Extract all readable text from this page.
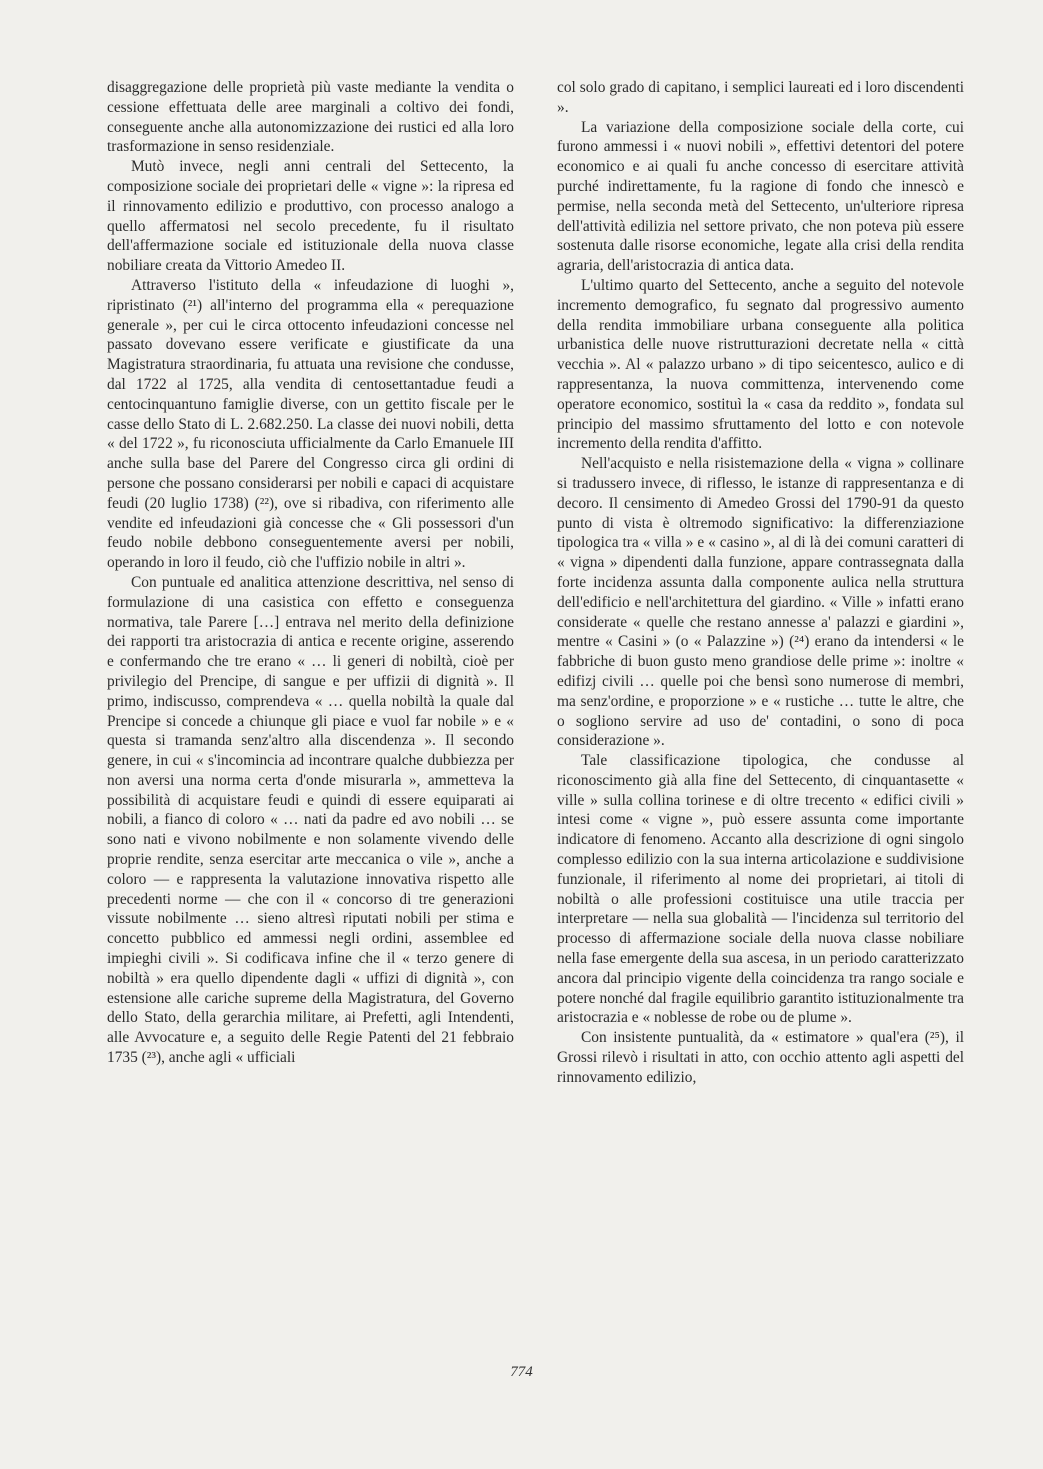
disaggregazione delle proprietà più vaste mediante la vendita o cessione effettuata delle aree marginali a coltivo dei fondi, conseguente anche alla autonomizzazione dei rustici ed alla loro trasformazione in senso residenziale.

Mutò invece, negli anni centrali del Settecento, la composizione sociale dei proprietari delle « vigne »: la ripresa ed il rinnovamento edilizio e produttivo, con processo analogo a quello affermatosi nel secolo precedente, fu il risultato dell'affermazione sociale ed istituzionale della nuova classe nobiliare creata da Vittorio Amedeo II.

Attraverso l'istituto della « infeudazione di luoghi », ripristinato (²¹) all'interno del programma ella « perequazione generale », per cui le circa ottocento infeudazioni concesse nel passato dovevano essere verificate e giustificate da una Magistratura straordinaria, fu attuata una revisione che condusse, dal 1722 al 1725, alla vendita di centosettantadue feudi a centocinquantuno famiglie diverse, con un gettito fiscale per le casse dello Stato di L. 2.682.250. La classe dei nuovi nobili, detta « del 1722 », fu riconosciuta ufficialmente da Carlo Emanuele III anche sulla base del Parere del Congresso circa gli ordini di persone che possano considerarsi per nobili e capaci di acquistare feudi (20 luglio 1738) (²²), ove si ribadiva, con riferimento alle vendite ed infeudazioni già concesse che « Gli possessori d'un feudo nobile debbono conseguentemente aversi per nobili, operando in loro il feudo, ciò che l'uffizio nobile in altri ».

Con puntuale ed analitica attenzione descrittiva, nel senso di formulazione di una casistica con effetto e conseguenza normativa, tale Parere […] entrava nel merito della definizione dei rapporti tra aristocrazia di antica e recente origine, asserendo e confermando che tre erano « … li generi di nobiltà, cioè per privilegio del Prencipe, di sangue e per uffizii di dignità ». Il primo, indiscusso, comprendeva « … quella nobiltà la quale dal Prencipe si concede a chiunque gli piace e vuol far nobile » e « questa si tramanda senz'altro alla discendenza ». Il secondo genere, in cui « s'incomincia ad incontrare qualche dubbiezza per non aversi una norma certa d'onde misurarla », ammetteva la possibilità di acquistare feudi e quindi di essere equiparati ai nobili, a fianco di coloro « … nati da padre ed avo nobili … se sono nati e vivono nobilmente e non solamente vivendo delle proprie rendite, senza esercitar arte meccanica o vile », anche a coloro — e rappresenta la valutazione innovativa rispetto alle precedenti norme — che con il « concorso di tre generazioni vissute nobilmente … sieno altresì riputati nobili per stima e concetto pubblico ed ammessi negli ordini, assemblee ed impieghi civili ». Si codificava infine che il « terzo genere di nobiltà » era quello dipendente dagli « uffizi di dignità », con estensione alle cariche supreme della Magistratura, del Governo dello Stato, della gerarchia militare, ai Prefetti, agli Intendenti, alle Avvocature e, a seguito delle Regie Patenti del 21 febbraio 1735 (²³), anche agli « ufficiali

col solo grado di capitano, i semplici laureati ed i loro discendenti ».

La variazione della composizione sociale della corte, cui furono ammessi i « nuovi nobili », effettivi detentori del potere economico e ai quali fu anche concesso di esercitare attività purché indirettamente, fu la ragione di fondo che innescò e permise, nella seconda metà del Settecento, un'ulteriore ripresa dell'attività edilizia nel settore privato, che non poteva più essere sostenuta dalle risorse economiche, legate alla crisi della rendita agraria, dell'aristocrazia di antica data.

L'ultimo quarto del Settecento, anche a seguito del notevole incremento demografico, fu segnato dal progressivo aumento della rendita immobiliare urbana conseguente alla politica urbanistica delle nuove ristrutturazioni decretate nella « città vecchia ». Al « palazzo urbano » di tipo seicentesco, aulico e di rappresentanza, la nuova committenza, intervenendo come operatore economico, sostituì la « casa da reddito », fondata sul principio del massimo sfruttamento del lotto e con notevole incremento della rendita d'affitto.

Nell'acquisto e nella risistemazione della « vigna » collinare si tradussero invece, di riflesso, le istanze di rappresentanza e di decoro. Il censimento di Amedeo Grossi del 1790-91 da questo punto di vista è oltremodo significativo: la differenziazione tipologica tra « villa » e « casino », al di là dei comuni caratteri di « vigna » dipendenti dalla funzione, appare contrassegnata dalla forte incidenza assunta dalla componente aulica nella struttura dell'edificio e nell'architettura del giardino. « Ville » infatti erano considerate « quelle che restano annesse a' palazzi e giardini », mentre « Casini » (o « Palazzine ») (²⁴) erano da intendersi « le fabbriche di buon gusto meno grandiose delle prime »: inoltre « edifizj civili … quelle poi che bensì sono numerose di membri, ma senz'ordine, e proporzione » e « rustiche … tutte le altre, che o sogliono servire ad uso de' contadini, o sono di poca considerazione ».

Tale classificazione tipologica, che condusse al riconoscimento già alla fine del Settecento, di cinquantasette « ville » sulla collina torinese e di oltre trecento « edifici civili » intesi come « vigne », può essere assunta come importante indicatore di fenomeno. Accanto alla descrizione di ogni singolo complesso edilizio con la sua interna articolazione e suddivisione funzionale, il riferimento al nome dei proprietari, ai titoli di nobiltà o alle professioni costituisce una utile traccia per interpretare — nella sua globalità — l'incidenza sul territorio del processo di affermazione sociale della nuova classe nobiliare nella fase emergente della sua ascesa, in un periodo caratterizzato ancora dal principio vigente della coincidenza tra rango sociale e potere nonché dal fragile equilibrio garantito istituzionalmente tra aristocrazia e « noblesse de robe ou de plume ».

Con insistente puntualità, da « estimatore » qual'era (²⁵), il Grossi rilevò i risultati in atto, con occhio attento agli aspetti del rinnovamento edilizio,

774
